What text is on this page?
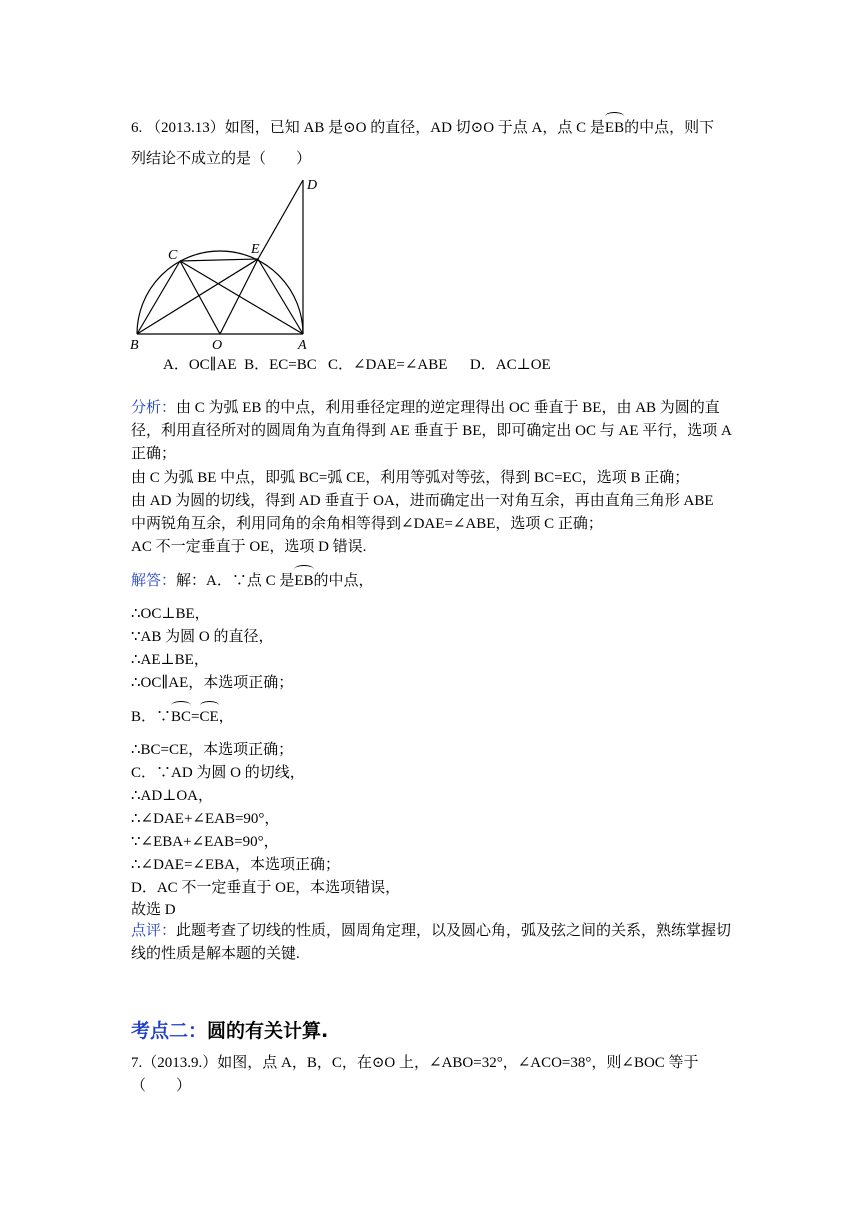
6. （2013.13）如图，已知 AB 是⊙O 的直径，AD 切⊙O 于点 A，点 C 是EB的中点，则下
列结论不成立的是（　　）
B	O	A
C	E
D
A．OC∥AE  B．EC=BC   C．∠DAE=∠ABE      D．AC⊥OE
分析：由 C 为弧 EB 的中点，利用垂径定理的逆定理得出 OC 垂直于 BE，由 AB 为圆的直
径，利用直径所对的圆周角为直角得到 AE 垂直于 BE，即可确定出 OC 与 AE 平行，选项 A
正确；
由 C 为弧 BE 中点，即弧 BC=弧 CE，利用等弧对等弦，得到 BC=EC，选项 B 正确；
由 AD 为圆的切线，得到 AD 垂直于 OA，进而确定出一对角互余，再由直角三角形 ABE
中两锐角互余，利用同角的余角相等得到∠DAE=∠ABE，选项 C 正确；
AC 不一定垂直于 OE，选项 D 错误.
解答：解：A．∵点 C 是EB的中点，
∴OC⊥BE，
∵AB 为圆 O 的直径，
∴AE⊥BE，
∴OC∥AE，本选项正确；
B．∵BC=CE，
∴BC=CE，本选项正确；
C．∵AD 为圆 O 的切线，
∴AD⊥OA，
∴∠DAE+∠EAB=90°，
∵∠EBA+∠EAB=90°，
∴∠DAE=∠EBA，本选项正确；
D．AC 不一定垂直于 OE，本选项错误，
故选 D
点评：此题考查了切线的性质，圆周角定理，以及圆心角，弧及弦之间的关系，熟练掌握切
线的性质是解本题的关键.
考点二：圆的有关计算.
7.（2013.9.）如图，点 A，B，C，在⊙O 上，∠ABO=32°，∠ACO=38°，则∠BOC 等于
（　　）
